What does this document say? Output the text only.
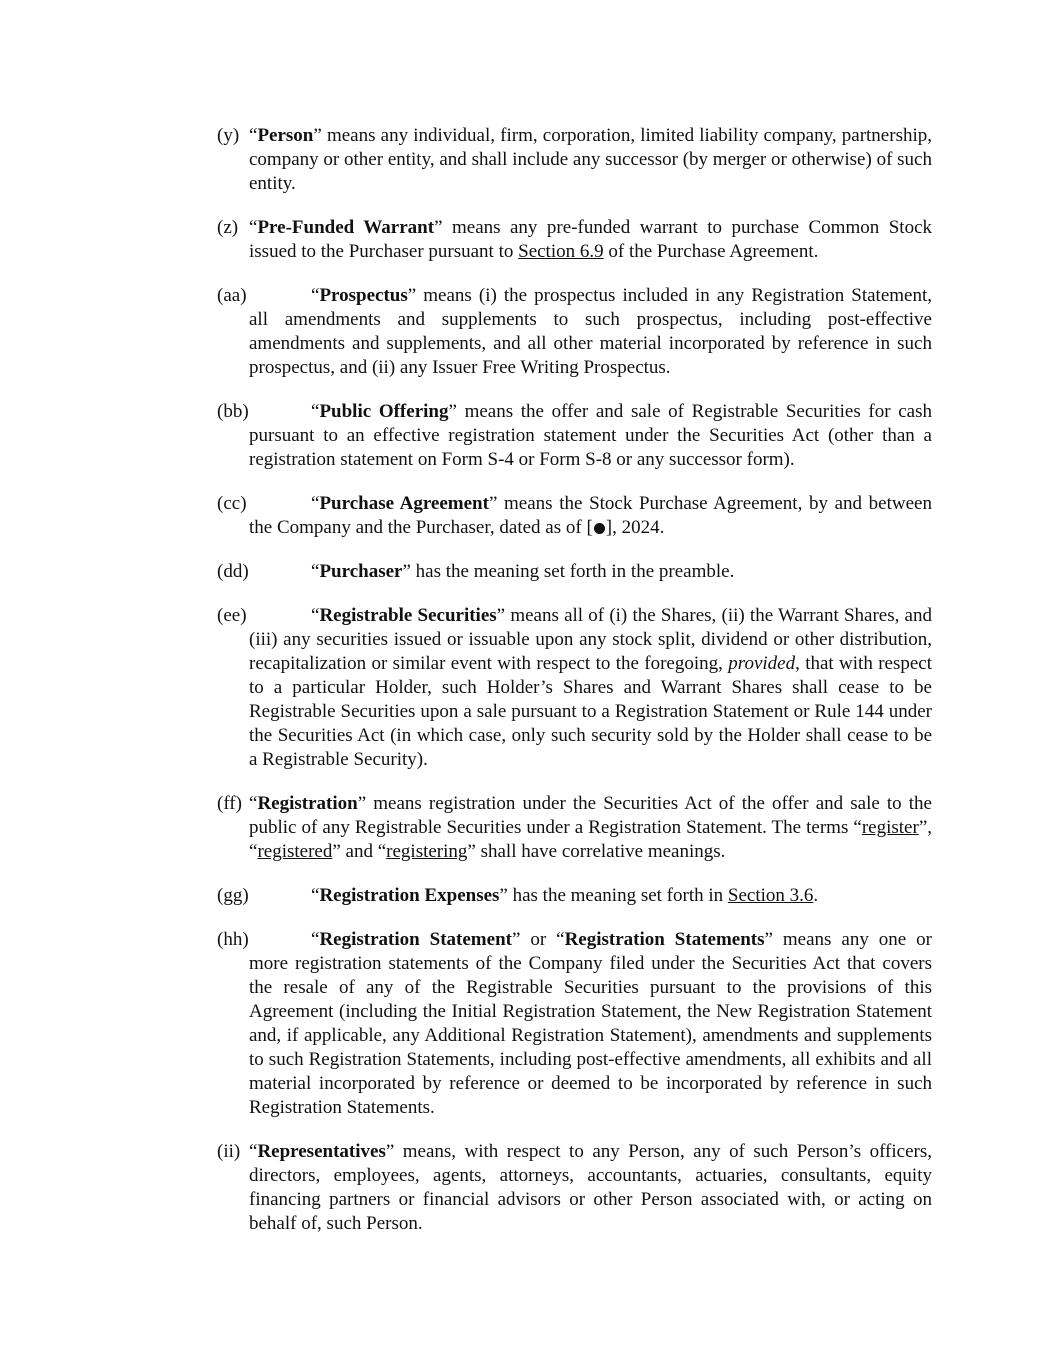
(y) “Person” means any individual, firm, corporation, limited liability company, partnership, company or other entity, and shall include any successor (by merger or otherwise) of such entity.

(z) “Pre-Funded Warrant” means any pre-funded warrant to purchase Common Stock issued to the Purchaser pursuant to Section 6.9 of the Purchase Agreement.

(aa)	“Prospectus” means (i) the prospectus included in any Registration Statement, all amendments and supplements to such prospectus, including post-effective amendments and supplements, and all other material incorporated by reference in such prospectus, and (ii) any Issuer Free Writing Prospectus.

(bb)	“Public Offering” means the offer and sale of Registrable Securities for cash pursuant to an effective registration statement under the Securities Act (other than a registration statement on Form S-4 or Form S-8 or any successor form).

(cc)	“Purchase Agreement” means the Stock Purchase Agreement, by and between the Company and the Purchaser, dated as of [ ], 2024.

(dd)	“Purchaser” has the meaning set forth in the preamble.

(ee)	“Registrable Securities” means all of (i) the Shares, (ii) the Warrant Shares, and (iii) any securities issued or issuable upon any stock split, dividend or other distribution, recapitalization or similar event with respect to the foregoing, provided, that with respect to a particular Holder, such Holder’s Shares and Warrant Shares shall cease to be Registrable Securities upon a sale pursuant to a Registration Statement or Rule 144 under the Securities Act (in which case, only such security sold by the Holder shall cease to be a Registrable Security).

(ff) “Registration” means registration under the Securities Act of the offer and sale to the public of any Registrable Securities under a Registration Statement. The terms “register”, “registered” and “registering” shall have correlative meanings.

(gg)	“Registration Expenses” has the meaning set forth in Section 3.6.

(hh)	“Registration Statement” or “Registration Statements” means any one or more registration statements of the Company filed under the Securities Act that covers the resale of any of the Registrable Securities pursuant to the provisions of this Agreement (including the Initial Registration Statement, the New Registration Statement and, if applicable, any Additional Registration Statement), amendments and supplements to such Registration Statements, including post-effective amendments, all exhibits and all material incorporated by reference or deemed to be incorporated by reference in such Registration Statements.

(ii) “Representatives” means, with respect to any Person, any of such Person’s officers, directors, employees, agents, attorneys, accountants, actuaries, consultants, equity financing partners or financial advisors or other Person associated with, or acting on behalf of, such Person.
